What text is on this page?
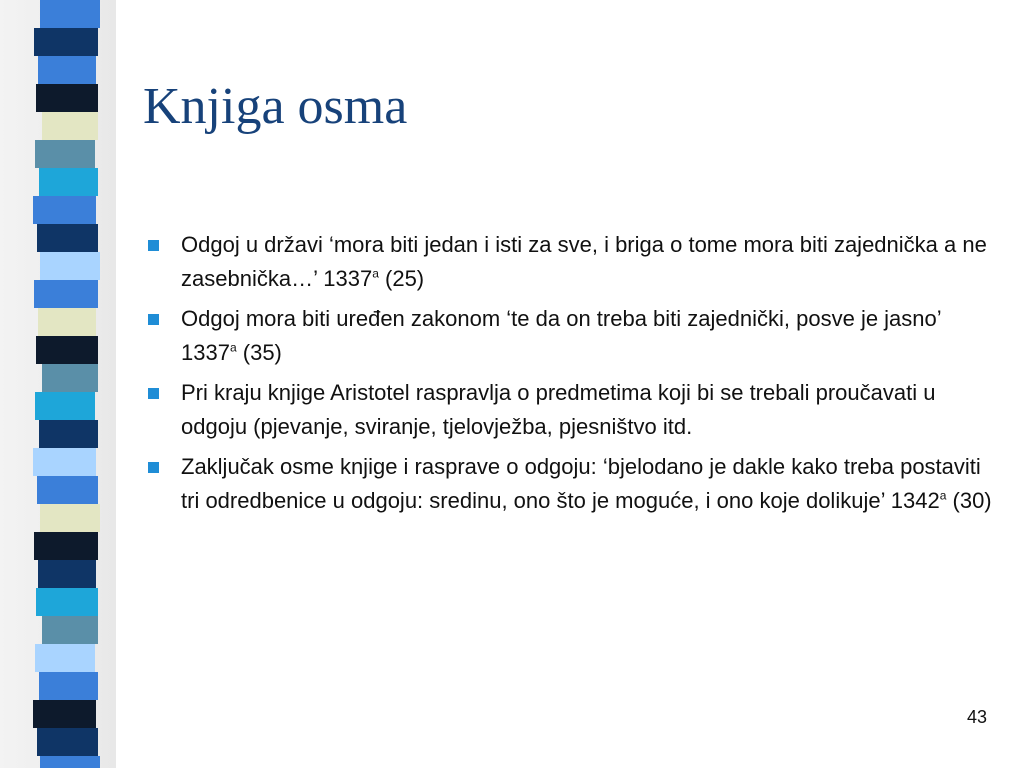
Knjiga osma
Odgoj u državi ‘mora biti jedan i isti za sve, i briga o tome mora biti zajednička a ne zasebnička…’ 1337$^a$ (25)
Odgoj mora biti uređen zakonom ‘te da on treba biti zajednički, posve je jasno’ 1337$^a$ (35)
Pri kraju knjige Aristotel raspravlja o predmetima koji bi se trebali proučavati u odgoju (pjevanje, sviranje, tjelovježba, pjesništvo itd.
Zaključak osme knjige i rasprave o odgoju: ‘bjelodano je dakle kako treba postaviti tri odredbenice u odgoju: sredinu, ono što je moguće, i ono koje dolikuje’ 1342$^a$ (30)
43
